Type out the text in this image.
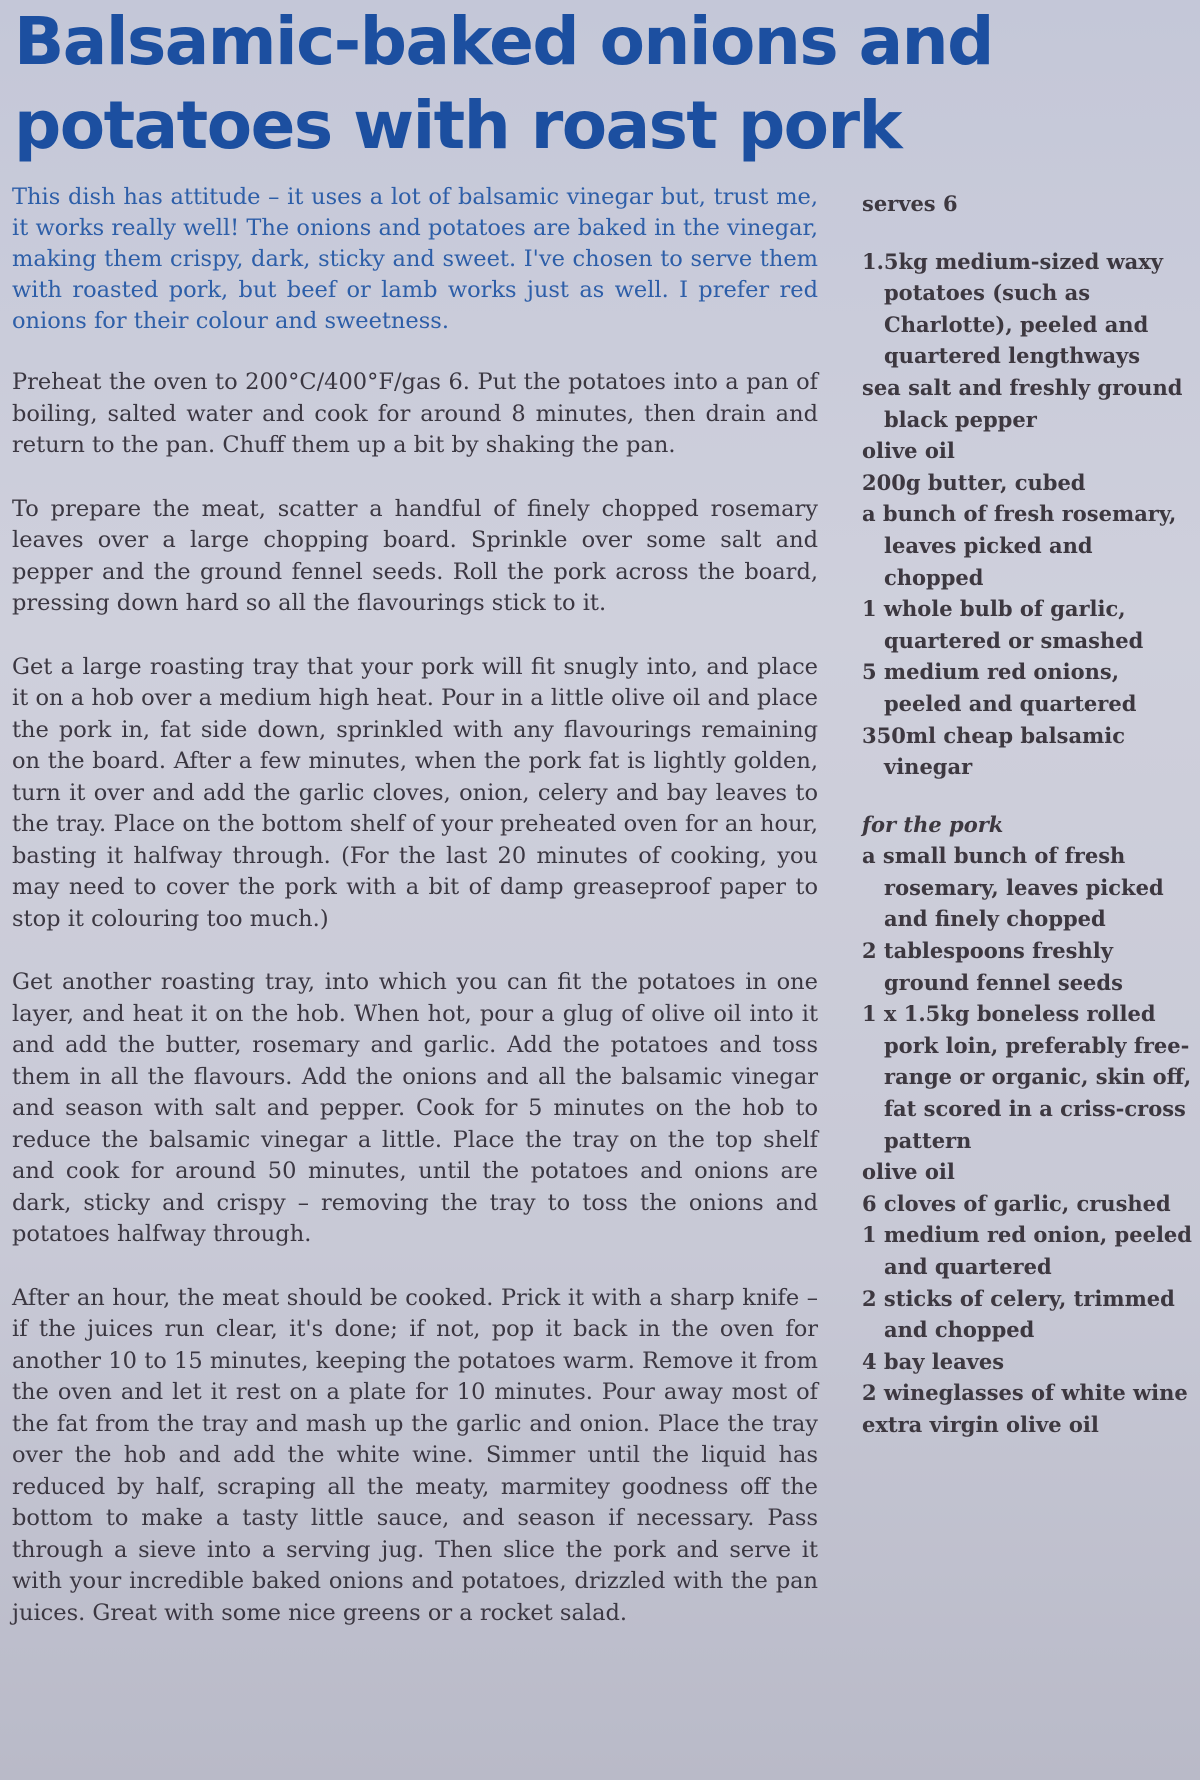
Balsamic-baked onions and potatoes with roast pork

This dish has attitude – it uses a lot of balsamic vinegar but, trust me, it works really well! The onions and potatoes are baked in the vinegar, making them crispy, dark, sticky and sweet. I've chosen to serve them with roasted pork, but beef or lamb works just as well. I prefer red onions for their colour and sweetness.

Preheat the oven to 200°C/400°F/gas 6. Put the potatoes into a pan of boiling, salted water and cook for around 8 minutes, then drain and return to the pan. Chuff them up a bit by shaking the pan.

To prepare the meat, scatter a handful of finely chopped rosemary leaves over a large chopping board. Sprinkle over some salt and pepper and the ground fennel seeds. Roll the pork across the board, pressing down hard so all the flavourings stick to it.

Get a large roasting tray that your pork will fit snugly into, and place it on a hob over a medium high heat. Pour in a little olive oil and place the pork in, fat side down, sprinkled with any flavourings remaining on the board. After a few minutes, when the pork fat is lightly golden, turn it over and add the garlic cloves, onion, celery and bay leaves to the tray. Place on the bottom shelf of your preheated oven for an hour, basting it halfway through. (For the last 20 minutes of cooking, you may need to cover the pork with a bit of damp greaseproof paper to stop it colouring too much.)

Get another roasting tray, into which you can fit the potatoes in one layer, and heat it on the hob. When hot, pour a glug of olive oil into it and add the butter, rosemary and garlic. Add the potatoes and toss them in all the flavours. Add the onions and all the balsamic vinegar and season with salt and pepper. Cook for 5 minutes on the hob to reduce the balsamic vinegar a little. Place the tray on the top shelf and cook for around 50 minutes, until the potatoes and onions are dark, sticky and crispy – removing the tray to toss the onions and potatoes halfway through.

After an hour, the meat should be cooked. Prick it with a sharp knife – if the juices run clear, it's done; if not, pop it back in the oven for another 10 to 15 minutes, keeping the potatoes warm. Remove it from the oven and let it rest on a plate for 10 minutes. Pour away most of the fat from the tray and mash up the garlic and onion. Place the tray over the hob and add the white wine. Simmer until the liquid has reduced by half, scraping all the meaty, marmitey goodness off the bottom to make a tasty little sauce, and season if necessary. Pass through a sieve into a serving jug. Then slice the pork and serve it with your incredible baked onions and potatoes, drizzled with the pan juices. Great with some nice greens or a rocket salad.

serves 6
1.5kg medium-sized waxy potatoes (such as Charlotte), peeled and quartered lengthways
sea salt and freshly ground black pepper
olive oil
200g butter, cubed
a bunch of fresh rosemary, leaves picked and chopped
1 whole bulb of garlic, quartered or smashed
5 medium red onions, peeled and quartered
350ml cheap balsamic vinegar
for the pork
a small bunch of fresh rosemary, leaves picked and finely chopped
2 tablespoons freshly ground fennel seeds
1 x 1.5kg boneless rolled pork loin, preferably free-range or organic, skin off, fat scored in a criss-cross pattern
olive oil
6 cloves of garlic, crushed
1 medium red onion, peeled and quartered
2 sticks of celery, trimmed and chopped
4 bay leaves
2 wineglasses of white wine
extra virgin olive oil
